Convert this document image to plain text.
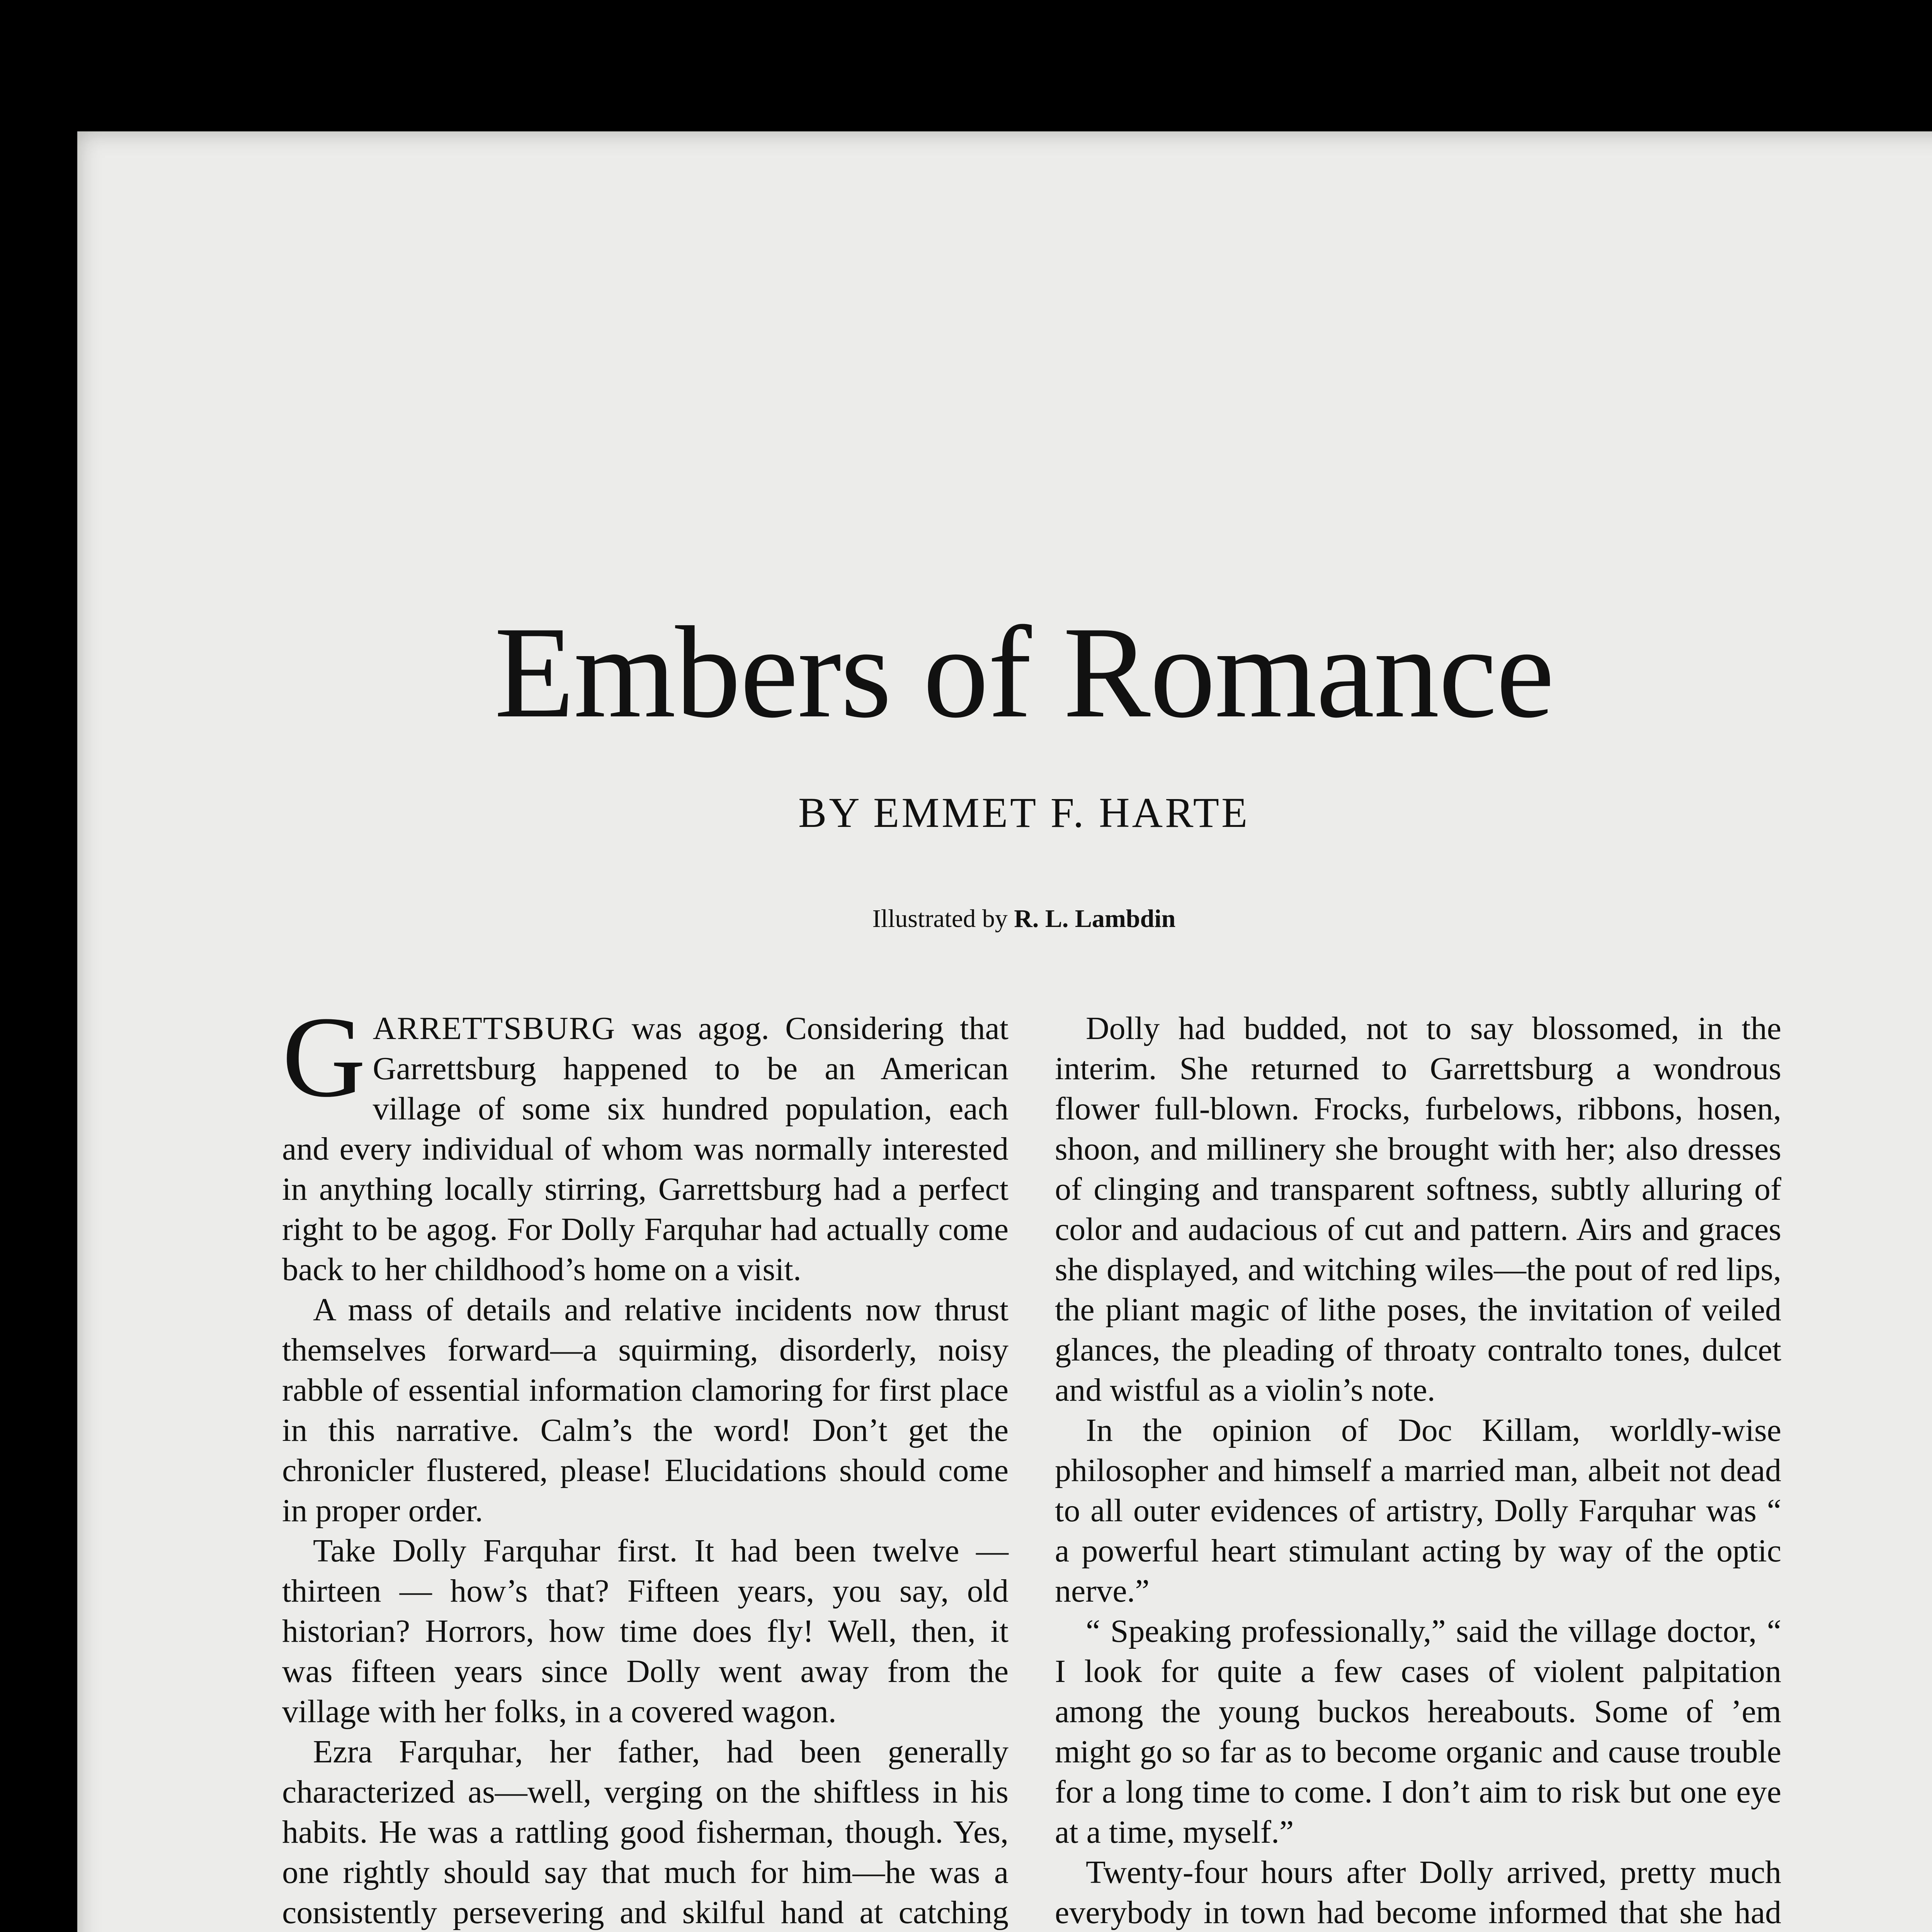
Embers of Romance
BY EMMET F. HARTE
Illustrated by R. L. Lambdin

GARRETTSBURG was agog. Considering that Garrettsburg happened to be an American village of some six hundred population, each and every individual of whom was normally interested in anything locally stirring, Garrettsburg had a perfect right to be agog. For Dolly Farquhar had actually come back to her childhood’s home on a visit.

A mass of details and relative incidents now thrust themselves forward—a squirming, disorderly, noisy rabble of essential information clamoring for first place in this narrative. Calm’s the word! Don’t get the chronicler flustered, please! Elucidations should come in proper order.

Take Dolly Farquhar first. It had been twelve — thirteen — how’s that? Fifteen years, you say, old historian? Horrors, how time does fly! Well, then, it was fifteen years since Dolly went away from the village with her folks, in a covered wagon.

Ezra Farquhar, her father, had been generally characterized as—well, verging on the shiftless in his habits. He was a rattling good fisherman, though. Yes, one rightly should say that much for him—he was a consistently persevering and skilful hand at catching

Dolly had budded, not to say blossomed, in the interim. She returned to Garrettsburg a wondrous flower full-blown. Frocks, furbelows, ribbons, hosen, shoon, and millinery she brought with her; also dresses of clinging and transparent softness, subtly alluring of color and audacious of cut and pattern. Airs and graces she displayed, and witching wiles—the pout of red lips, the pliant magic of lithe poses, the invitation of veiled glances, the pleading of throaty contralto tones, dulcet and wistful as a violin’s note.

In the opinion of Doc Killam, worldly-wise philosopher and himself a married man, albeit not dead to all outer evidences of artistry, Dolly Farquhar was “ a powerful heart stimulant acting by way of the optic nerve.”

“ Speaking professionally,” said the village doctor, “ I look for quite a few cases of violent palpitation among the young buckos hereabouts. Some of ’em might go so far as to become organic and cause trouble for a long time to come. I don’t aim to risk but one eye at a time, myself.”

Twenty-four hours after Dolly arrived, pretty much everybody in town had become informed that she had
